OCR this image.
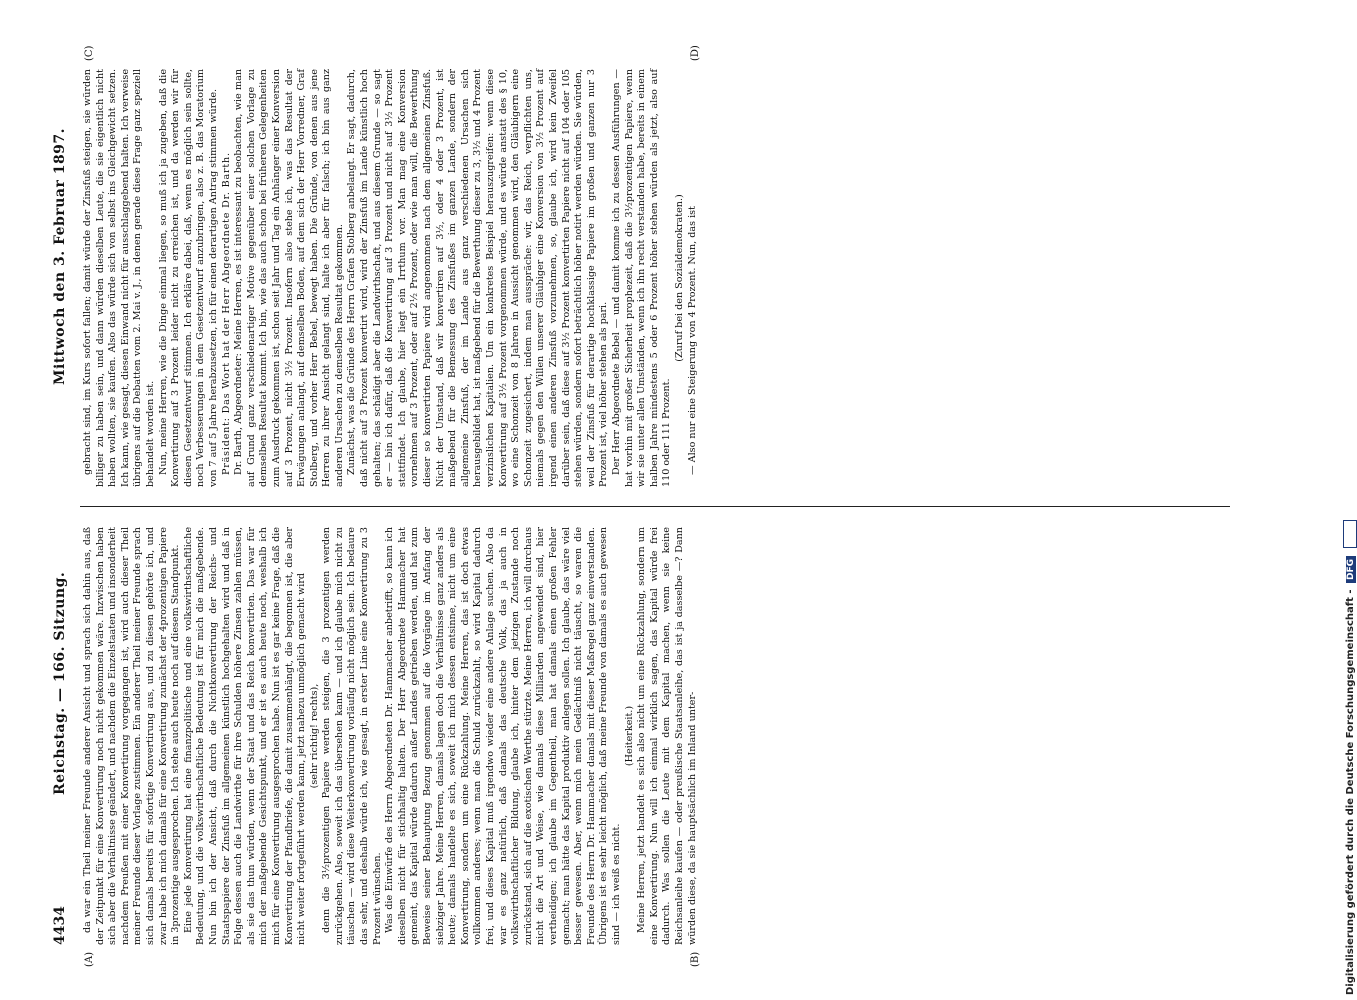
4434
Reichstag. — 166. Sitzung.
Mittwoch den 3. Februar 1897.
(A)	(B)
(C)	(D)

da war ein Theil meiner Freunde anderer Ansicht und sprach sich dahin aus, daß der Zeitpunkt für eine Konvertirung noch nicht gekommen wäre. Inzwischen haben sich aber die Verhältnisse geändert, und nachdem die Einzelstaaten und insonderheit nachdem Preußen mit einer Konvertirung vorgegangen ist, wird auch dieser Theil meiner Freunde dieser Vorlage zustimmen. Ein anderer Theil meiner Freunde sprach sich damals bereits für sofortige Konvertirung aus, und zu diesen gehörte ich, und zwar habe ich mich damals für eine Konvertirung zunächst der 4prozentigen Papiere in 3prozentige ausgesprochen. Ich stehe auch heute noch auf diesem Standpunkt. Eine jede Konvertirung hat eine finanzpolitische und eine volkswirthschaftliche Bedeutung, und die volkswirthschaftliche Bedeutung ist für mich die maßgebende. Nun bin ich der Ansicht, daß durch die Nichtkonvertirung der Reichs- und Staatspapiere der Zinsfuß im allgemeinen künstlich hochgehalten wird und daß in Folge dessen auch die Landwirthe für ihre Schulden höhere Zinsen zahlen müssen, als sie das thun würden, wenn der Staat und das Reich konvertirten. Das war für mich der maßgebende Gesichtspunkt, und er ist es auch heute noch, weshalb ich mich für eine Konvertirung ausgesprochen habe. Nun ist es gar keine Frage, daß die Konvertirung der Pfandbriefe, die damit zusammenhängt, die begonnen ist, die aber nicht weiter fortgeführt werden kann, jetzt nahezu unmöglich gemacht wird (sehr richtig! rechts), denn die 3½prozentigen Papiere werden steigen, die 3 prozentigen werden zurückgehen. Also, soweit ich das übersehen kann — und ich glaube mich nicht zu täuschen — wird diese Weiterkonvertirung vorläufig nicht möglich sein. Ich bedaure das sehr, und deshalb würde ich, wie gesagt, in erster Linie eine Konvertirung zu 3 Prozent wünschen. Was die Einwürfe des Herrn Abgeordneten Dr. Hammacher anbetrifft, so kann ich dieselben nicht für stichhaltig halten. Der Herr Abgeordnete Hammacher hat gemeint, das Kapital würde dadurch außer Landes getrieben werden, und hat zum Beweise seiner Behauptung Bezug genommen auf die Vorgänge im Anfang der siebziger Jahre. Meine Herren, damals lagen doch die Verhältnisse ganz anders als heute; damals handelte es sich, soweit ich mich dessen entsinne, nicht um eine Konvertirung, sondern um eine Rückzahlung. Meine Herren, das ist doch etwas vollkommen anderes; wenn man die Schuld zurückzahlt, so wird Kapital dadurch frei, und dieses Kapital muß irgendwo wieder eine andere Anlage suchen. Also da war es ganz natürlich, daß damals das deutsche Volk, das ja auch in volkswirthschaftlicher Bildung, glaube ich, hinter dem jetzigen Zustande noch zurückstand, sich auf die exotischen Werthe stürzte. Meine Herren, ich will durchaus nicht die Art und Weise, wie damals diese Milliarden angewendet sind, hier vertheidigen; ich glaube im Gegentheil, man hat damals einen großen Fehler gemacht; man hätte das Kapital produktiv anlegen sollen. Ich glaube, das wäre viel besser gewesen. Aber, wenn mich mein Gedächtniß nicht täuscht, so waren die Freunde des Herrn Dr. Hammacher damals mit dieser Maßregel ganz einverstanden. Übrigens ist es sehr leicht möglich, daß meine Freunde von damals es auch gewesen sind — ich weiß es nicht.

(Heiterkeit.) Meine Herren, jetzt handelt es sich also nicht um eine Rückzahlung, sondern um eine Konvertirung. Nun will ich einmal wirklich sagen, das Kapital würde frei dadurch. Was sollen die Leute mit dem Kapital machen, wenn sie keine Reichsanleihe kaufen — oder preußische Staatsanleihe, das ist ja dasselbe —? Dann würden diese, da sie hauptsächlich im Inland unter-

gebracht sind, im Kurs sofort fallen; damit würde der Zinsfuß steigen, sie würden billiger zu haben sein, und dann würden dieselben Leute, die sie eigentlich nicht haben wollten, sie kaufen. Also das würde sich von selbst ins Gleichgewicht setzen. Ich kann, wie gesagt, diesen Einwand nicht für ausschlaggebend halten. Ich verweise übrigens auf die Debatten vom 2. Mai v. J., in denen gerade diese Frage ganz speziell behandelt worden ist. Nun, meine Herren, wie die Dinge einmal liegen, so muß ich ja zugeben, daß die Konvertirung auf 3 Prozent leider nicht zu erreichen ist, und da werden wir für diesen Gesetzentwurf stimmen. Ich erkläre dabei, daß, wenn es möglich sein sollte, noch Verbesserungen in dem Gesetzentwurf anzubringen, also z. B. das Moratorium von 7 auf 5 Jahre herabzusetzen, ich für einen derartigen Antrag stimmen würde. Präsident: Das Wort hat der Herr Abgeordnete Dr. Barth. Dr. Barth, Abgeordneter: Meine Herren, es ist interessant zu beobachten, wie man auf Grund ganz verschiedenartiger Motive gegenüber einer solchen Vorlage zu demselben Resultat kommt. Ich bin, wie das auch schon bei früheren Gelegenheiten zum Ausdruck gekommen ist, schon seit Jahr und Tag ein Anhänger einer Konversion auf 3 Prozent, nicht 3½ Prozent. Insofern also stehe ich, was das Resultat der Erwägungen anlangt, auf demselben Boden, auf dem sich der Herr Vorredner, Graf Stolberg, und vorher Herr Bebel, bewegt haben. Die Gründe, von denen aus jene Herren zu ihrer Ansicht gelangt sind, halte ich aber für falsch; ich bin aus ganz anderen Ursachen zu demselben Resultat gekommen. Zunächst, was die Gründe des Herrn Grafen Stolberg anbelangt. Er sagt, dadurch, daß nicht auf 3 Prozent konvertirt wird, wird der Zinsfuß im Lande künstlich hoch gehalten; das schädigt aber die Landwirthschaft, und aus diesem Grunde — so sagt er — bin ich dafür, daß die Konvertirung auf 3 Prozent und nicht auf 3½ Prozent stattfindet. Ich glaube, hier liegt ein Irrthum vor. Man mag eine Konversion vornehmen auf 3 Prozent, oder auf 2½ Prozent, oder wie man will, die Bewerthung dieser so konvertirten Papiere wird angenommen nach dem allgemeinen Zinsfuß. Nicht der Umstand, daß wir konvertiren auf 3½, oder 4 oder 3 Prozent, ist maßgebend für die Bemessung des Zinsfußes im ganzen Lande, sondern der allgemeine Zinsfuß, der im Lande aus ganz verschiedenen Ursachen sich herausgebildet hat, ist maßgebend für die Bewerthung dieser zu 3, 3½ und 4 Prozent verzinslichen Kapitalien. Um ein konkretes Beispiel herauszugreifen: wenn diese Konvertirung auf 3½ Prozent vorgenommen würde, und es würde anstatt des § 10, wo eine Schonzeit von 8 Jahren in Aussicht genommen wird, den Gläubigern eine Schonzeit zugesichert, indem man ausspräche: wir, das Reich, verpflichten uns, niemals gegen den Willen unserer Gläubiger eine Konversion von 3½ Prozent auf irgend einen anderen Zinsfuß vorzunehmen, so, glaube ich, wird kein Zweifel darüber sein, daß diese auf 3½ Prozent konvertirten Papiere nicht auf 104 oder 105 stehen würden, sondern sofort beträchtlich höher notirt werden würden. Sie würden, weil der Zinsfuß für derartige hochklassige Papiere im großen und ganzen nur 3 Prozent ist, viel höher stehen als pari. Der Herr Abgeordnete Bebel — und damit komme ich zu dessen Ausführungen — hat vorhin mit großer Sicherheit prophezeit, daß die 3½prozentigen Papiere, wenn wir sie unter allen Umständen, wenn ich ihn recht verstanden habe, bereits in einem halben Jahre mindestens 5 oder 6 Prozent höher stehen würden als jetzt, also auf 110 oder 111 Prozent.

(Zuruf bei den Sozialdemokraten.) — Also nur eine Steigerung von 4 Prozent. Nun, das ist

Digitalisierung gefördert durch die Deutsche Forschungsgemeinschaft - DFG
